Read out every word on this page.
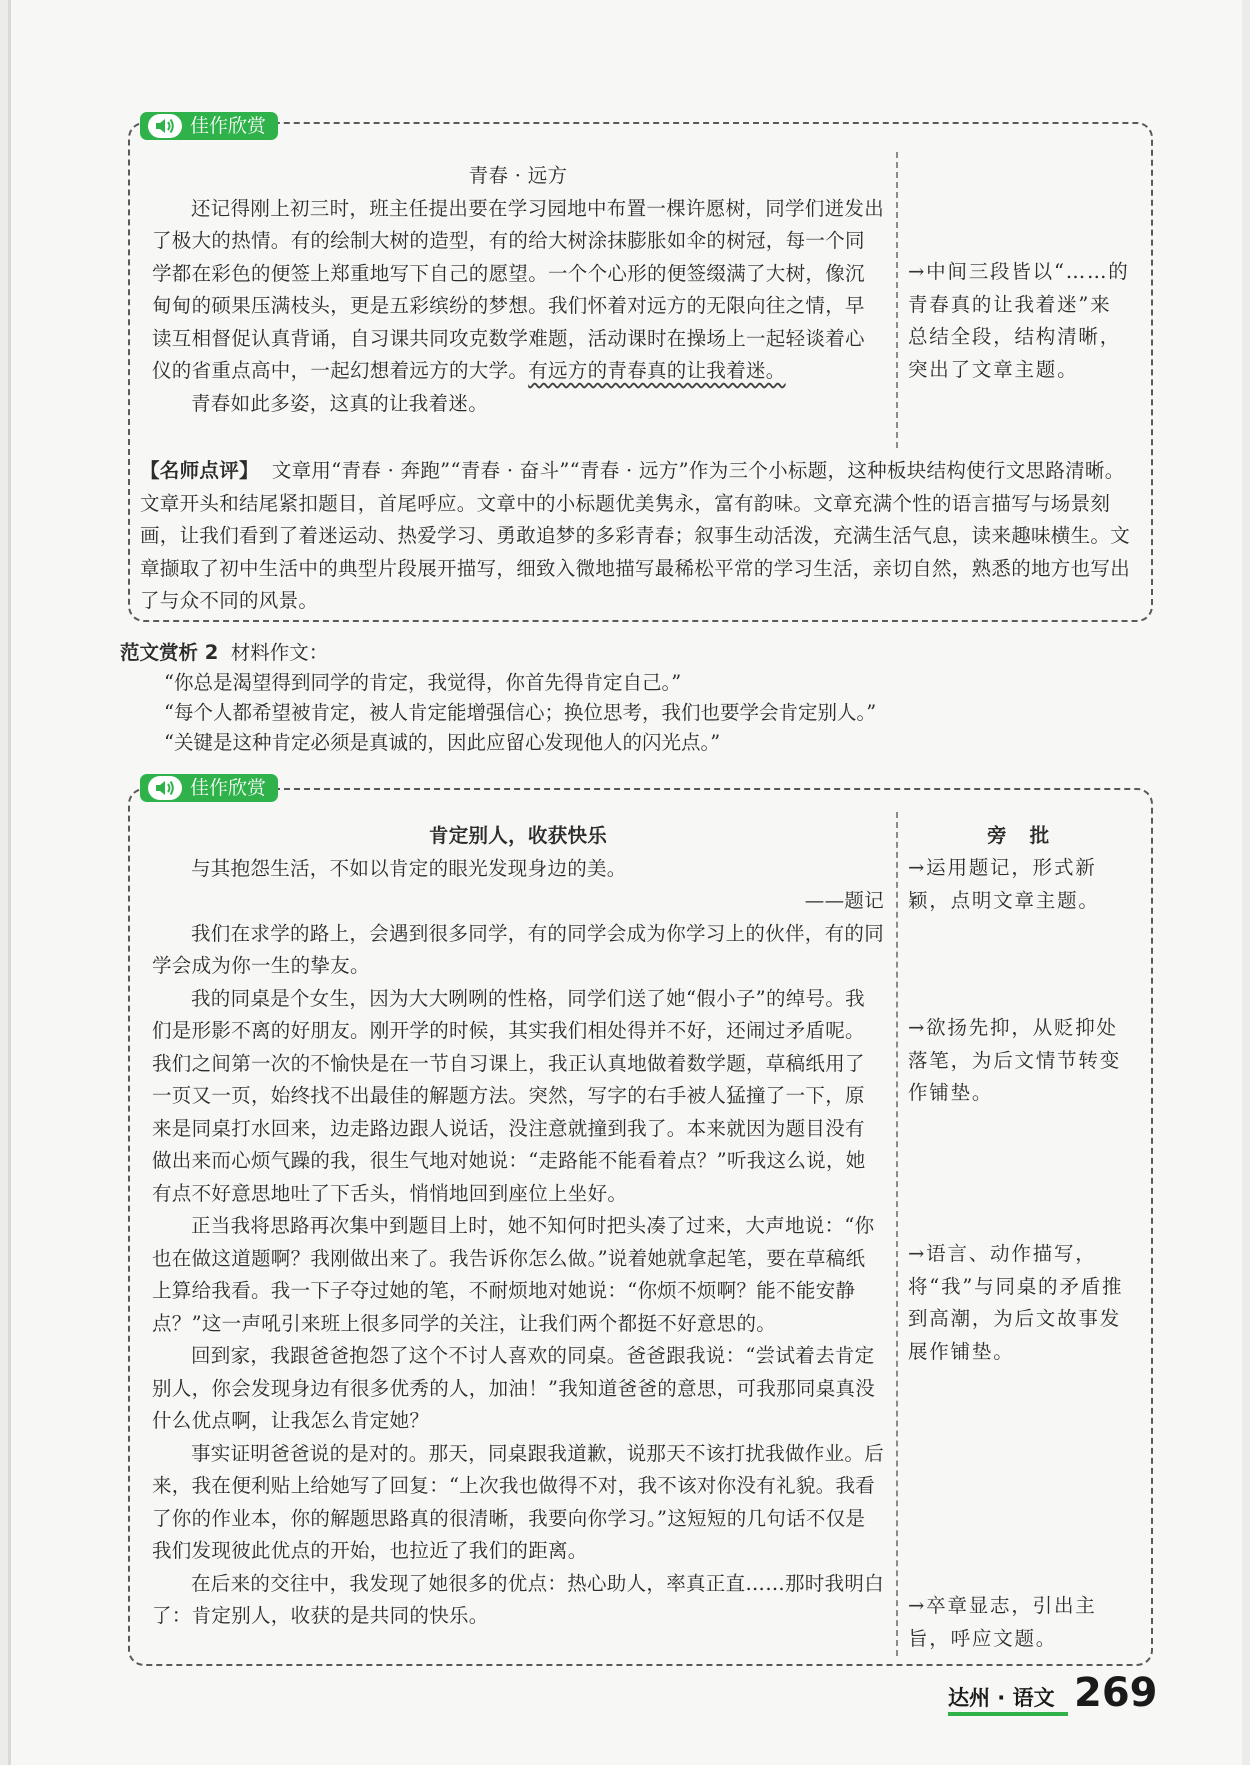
佳作欣赏

青春 · 远方

还记得刚上初三时，班主任提出要在学习园地中布置一棵许愿树，同学们迸发出了极大的热情。有的绘制大树的造型，有的给大树涂抹膨胀如伞的树冠，每一个同学都在彩色的便签上郑重地写下自己的愿望。一个个心形的便签缀满了大树，像沉甸甸的硕果压满枝头，更是五彩缤纷的梦想。我们怀着对远方的无限向往之情，早读互相督促认真背诵，自习课共同攻克数学难题，活动课时在操场上一起轻谈着心仪的省重点高中，一起幻想着远方的大学。有远方的青春真的让我着迷。

青春如此多姿，这真的让我着迷。

→中间三段皆以“……的青春真的让我着迷”来总结全段，结构清晰，突出了文章主题。

【名师点评】 文章用“青春 · 奔跑”“青春 · 奋斗”“青春 · 远方”作为三个小标题，这种板块结构使行文思路清晰。文章开头和结尾紧扣题目，首尾呼应。文章中的小标题优美隽永，富有韵味。文章充满个性的语言描写与场景刻画，让我们看到了着迷运动、热爱学习、勇敢追梦的多彩青春；叙事生动活泼，充满生活气息，读来趣味横生。文章撷取了初中生活中的典型片段展开描写，细致入微地描写最稀松平常的学习生活，亲切自然，熟悉的地方也写出了与众不同的风景。

范文赏析 2 材料作文：

“你总是渴望得到同学的肯定，我觉得，你首先得肯定自己。”

“每个人都希望被肯定，被人肯定能增强信心；换位思考，我们也要学会肯定别人。”

“关键是这种肯定必须是真诚的，因此应留心发现他人的闪光点。”

佳作欣赏

肯定别人，收获快乐

与其抱怨生活，不如以肯定的眼光发现身边的美。

——题记

我们在求学的路上，会遇到很多同学，有的同学会成为你学习上的伙伴，有的同学会成为你一生的挚友。

我的同桌是个女生，因为大大咧咧的性格，同学们送了她“假小子”的绰号。我们是形影不离的好朋友。刚开学的时候，其实我们相处得并不好，还闹过矛盾呢。我们之间第一次的不愉快是在一节自习课上，我正认真地做着数学题，草稿纸用了一页又一页，始终找不出最佳的解题方法。突然，写字的右手被人猛撞了一下，原来是同桌打水回来，边走路边跟人说话，没注意就撞到我了。本来就因为题目没有做出来而心烦气躁的我，很生气地对她说：“走路能不能看着点？”听我这么说，她有点不好意思地吐了下舌头，悄悄地回到座位上坐好。

正当我将思路再次集中到题目上时，她不知何时把头凑了过来，大声地说：“你也在做这道题啊？我刚做出来了。我告诉你怎么做。”说着她就拿起笔，要在草稿纸上算给我看。我一下子夺过她的笔，不耐烦地对她说：“你烦不烦啊？能不能安静点？”这一声吼引来班上很多同学的关注，让我们两个都挺不好意思的。

回到家，我跟爸爸抱怨了这个不讨人喜欢的同桌。爸爸跟我说：“尝试着去肯定别人，你会发现身边有很多优秀的人，加油！”我知道爸爸的意思，可我那同桌真没什么优点啊，让我怎么肯定她？

事实证明爸爸说的是对的。那天，同桌跟我道歉，说那天不该打扰我做作业。后来，我在便利贴上给她写了回复：“上次我也做得不对，我不该对你没有礼貌。我看了你的作业本，你的解题思路真的很清晰，我要向你学习。”这短短的几句话不仅是我们发现彼此优点的开始，也拉近了我们的距离。

在后来的交往中，我发现了她很多的优点：热心助人，率真正直……那时我明白了：肯定别人，收获的是共同的快乐。

旁　批

→运用题记，形式新颖，点明文章主题。

→欲扬先抑，从贬抑处落笔，为后文情节转变作铺垫。

→语言、动作描写，将“我”与同桌的矛盾推到高潮，为后文故事发展作铺垫。

→卒章显志，引出主旨，呼应文题。

达州 · 语文 269
